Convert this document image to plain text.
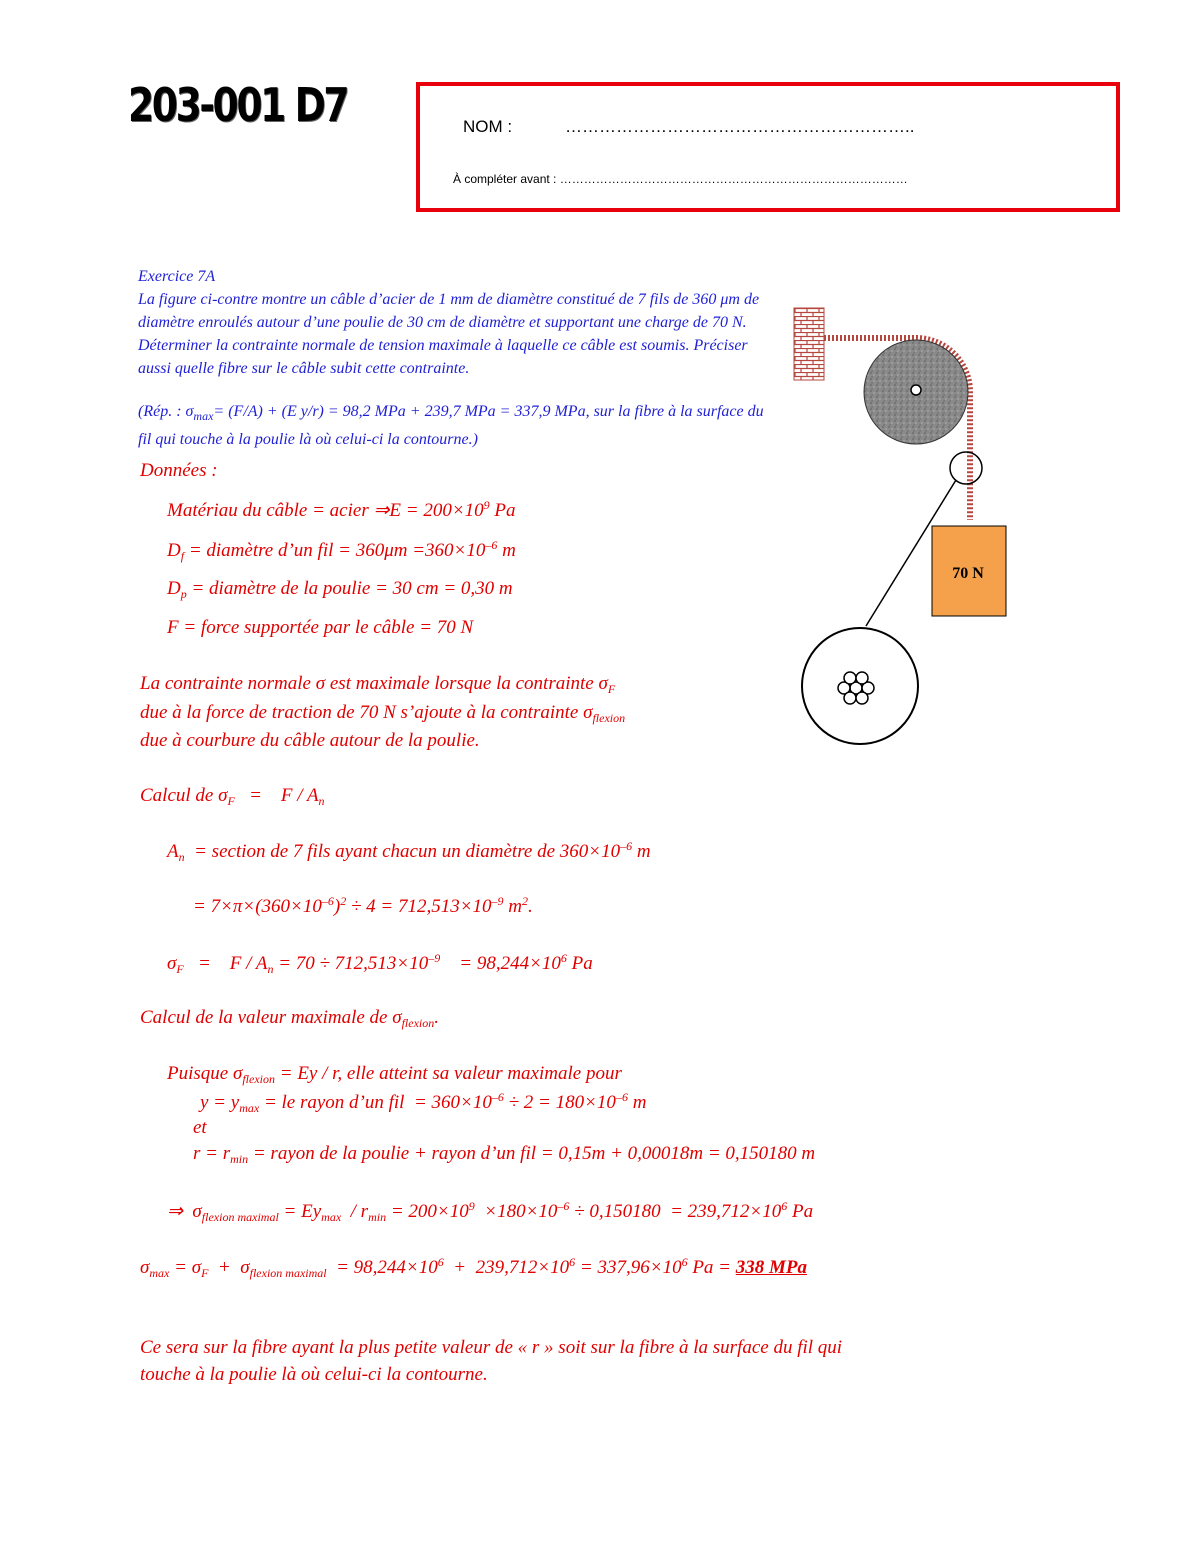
203-001 D7	NOM :	……………………………………………………..
À compléter avant : ……………………………………………………………………………
Exercice 7A
La figure ci-contre montre un câble d’acier de 1 mm de diamètre constitué de 7 fils de 360 μm de diamètre enroulés autour d’une poulie de 30 cm de diamètre et supportant une charge de 70 N. Déterminer la contrainte normale de tension maximale à laquelle ce câble est soumis. Préciser aussi quelle fibre sur le câble subit cette contrainte.
(Rép. : $\sigma_{max}= (F/A) + (E$ y/r) = 98,2 MPa + 239,7 MPa = 337,9 MPa, sur la fibre à la surface du fil qui touche à la poulie là où celui-ci la contourne.)
Données :
Matériau du câble = acier ⇒E = $200\times 10^9$ Pa
$D_f$ = diamètre d’un fil = $360\mu m =360\times 10^{-6}$ m
$D_p$ = diamètre de la poulie = 30 cm = 0,30 m
F = force supportée par le câble = 70 N
La contrainte normale σ est maximale lorsque la contrainte $\sigma_F$
due à la force de traction de 70 N s’ajoute à la contrainte $\sigma_{flexion}$
due à courbure du câble autour de la poulie.
Calcul de $\sigma_F$   =    F / $A_n$
$A_n$  = section de 7 fils ayant chacun un diamètre de $360\times 10^{-6}$ m
= $7\times\pi\times(360\times 10^{-6})^2 \div 4 = 712,513\times 10^{-9}$ $m^2$.
$\sigma_F$   =    $F / A_n = 70 \div 712,513\times 10^{-9}$    = $98,244\times 10^6$ Pa
Calcul de la valeur maximale de $\sigma_{flexion}$.
Puisque $\sigma_{flexion} = Ey / r$, elle atteint sa valeur maximale pour
$y = y_{max}$ = le rayon d’un fil  = $360\times 10^{-6} \div 2 = 180\times 10^{-6}$ m
et
$r = r_{min}$ = rayon de la poulie + rayon d’un fil = 0,15m + 0,00018m = 0,150180 m
⇒  $\sigma_{flexion maximal} = Ey_{max} / r_{min} = 200\times 10^9 \times 180\times 10^{-6} \div 0,150180 = 239,712\times 10^6$ Pa
$\sigma_{max} = \sigma_F + \sigma_{flexion maximal} = 98,244\times 10^6 + 239,712\times 10^6 = 337,96\times 10^6$ Pa = 338 MPa
Ce sera sur la fibre ayant la plus petite valeur de « r » soit sur la fibre à la surface du fil qui
touche à la poulie là où celui-ci la contourne.
70 N
